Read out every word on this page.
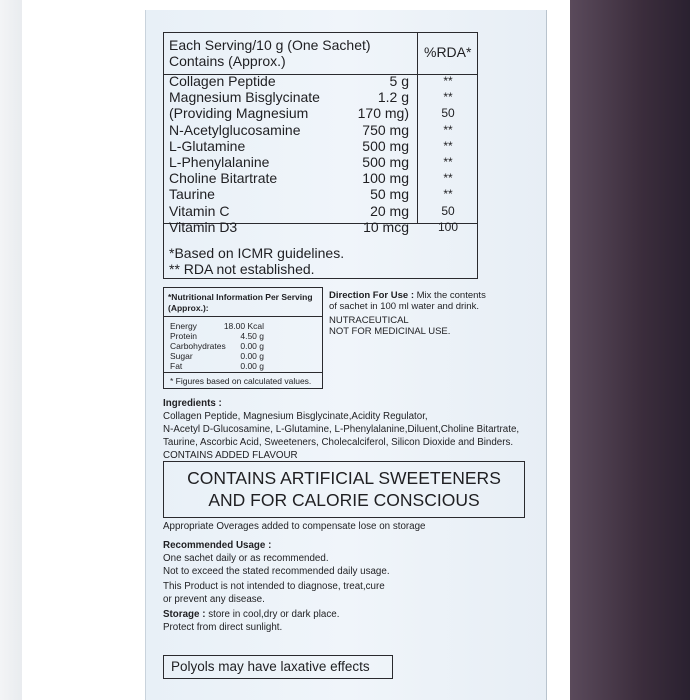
Each Serving/10 g (One Sachet)
Contains (Approx.)
%RDA*
Collagen Peptide	5 g	**
Magnesium Bisglycinate	1.2 g	**
(Providing Magnesium	170 mg)	50
N-Acetylglucosamine	750 mg	**
L-Glutamine	500 mg	**
L-Phenylalanine	500 mg	**
Choline Bitartrate	100 mg	**
Taurine	50 mg	**
Vitamin C	20 mg	50
Vitamin D3	10 mcg	100
*Based on ICMR guidelines.
** RDA not established.
*Nutritional Information Per Serving
(Approx.):
Energy	18.00 Kcal
Protein	4.50 g
Carbohydrates 0.00 g
Sugar	0.00 g
Fat	0.00 g
* Figures based on calculated values.
Direction For Use : Mix the contents
of sachet in 100 ml water and drink.
NUTRACEUTICAL
NOT FOR MEDICINAL USE.
Ingredients :
Collagen Peptide, Magnesium Bisglycinate,Acidity Regulator,
N-Acetyl D-Glucosamine, L-Glutamine, L-Phenylalanine,Diluent,Choline Bitartrate,
Taurine, Ascorbic Acid, Sweeteners, Cholecalciferol, Silicon Dioxide and Binders.
CONTAINS ADDED FLAVOUR
CONTAINS ARTIFICIAL SWEETENERS
AND FOR CALORIE CONSCIOUS
Appropriate Overages added to compensate lose on storage
Recommended Usage :
One sachet daily or as recommended.
Not to exceed the stated recommended daily usage.
This Product is not intended to diagnose, treat,cure
or prevent any disease.
Storage : store in cool,dry or dark place.
Protect from direct sunlight.
Polyols may have laxative effects
